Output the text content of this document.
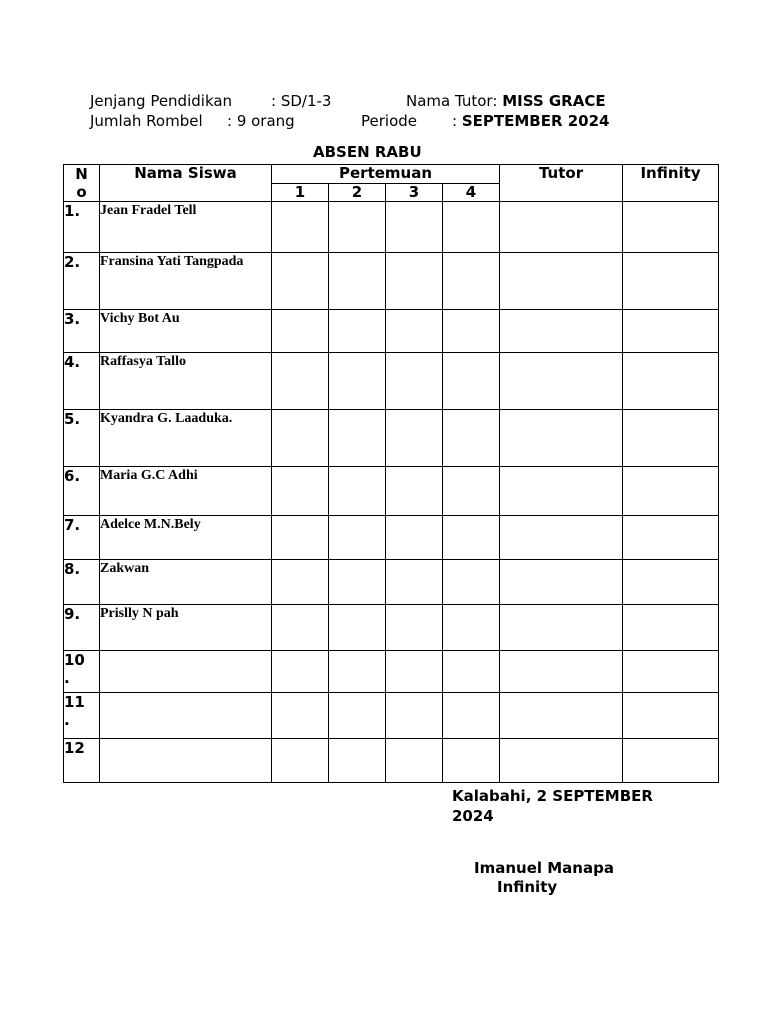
Jenjang Pendidikan	: SD/1-3	Nama Tutor: MISS GRACE
Jumlah Rombel : 9 orang	Periode : SEPTEMBER 2024
ABSEN RABU
N
o	Nama Siswa	Pertemuan				Tutor	Infinity
		1	2	3	4		

1.	Jean Fradel Tell						

2.	Fransina Yati Tangpada						

3.	Vichy Bot Au						

4.	Raffasya Tallo						

5.	Kyandra G. Laaduka.						

6.	Maria G.C Adhi						

7.	Adelce M.N.Bely						

8.	Zakwan						

9.	Prislly N pah						

10
.							

11
.							

12							

Kalabahi, 2 SEPTEMBER
2024
Imanuel Manapa
Infinity
